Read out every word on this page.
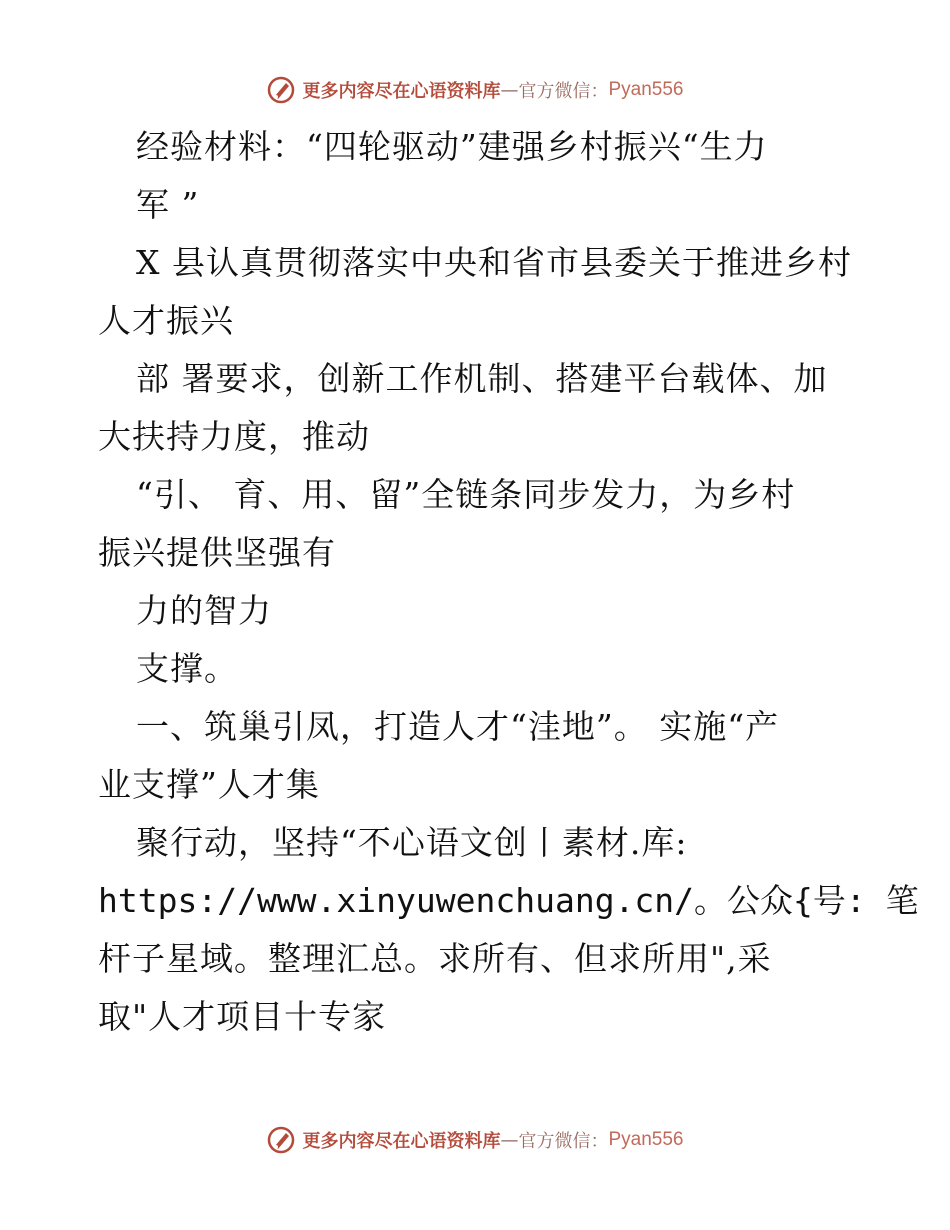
更多内容尽在心语资料库 — 官方微信： Pyan556
经验材料：“四轮驱动”建强乡村振兴“生力
军 ”
X 县认真贯彻落实中央和省市县委关于推进乡村
人才振兴
部 署要求，创新工作机制、搭建平台载体、加
大扶持力度，推动
“引、 育、用、留”全链条同步发力，为乡村
振兴提供坚强有
力的智力
支撑。
一、筑巢引凤，打造人才“洼地”。 实施“产
业支撑”人才集
聚行动，坚持“不心语文创丨素材.库:
https://www.xinyuwenchuang.cn/。公众{号: 笔
杆子星域。整理汇总。求所有、但求所用",采
取"人才项目十专家
更多内容尽在心语资料库 — 官方微信： Pyan556
